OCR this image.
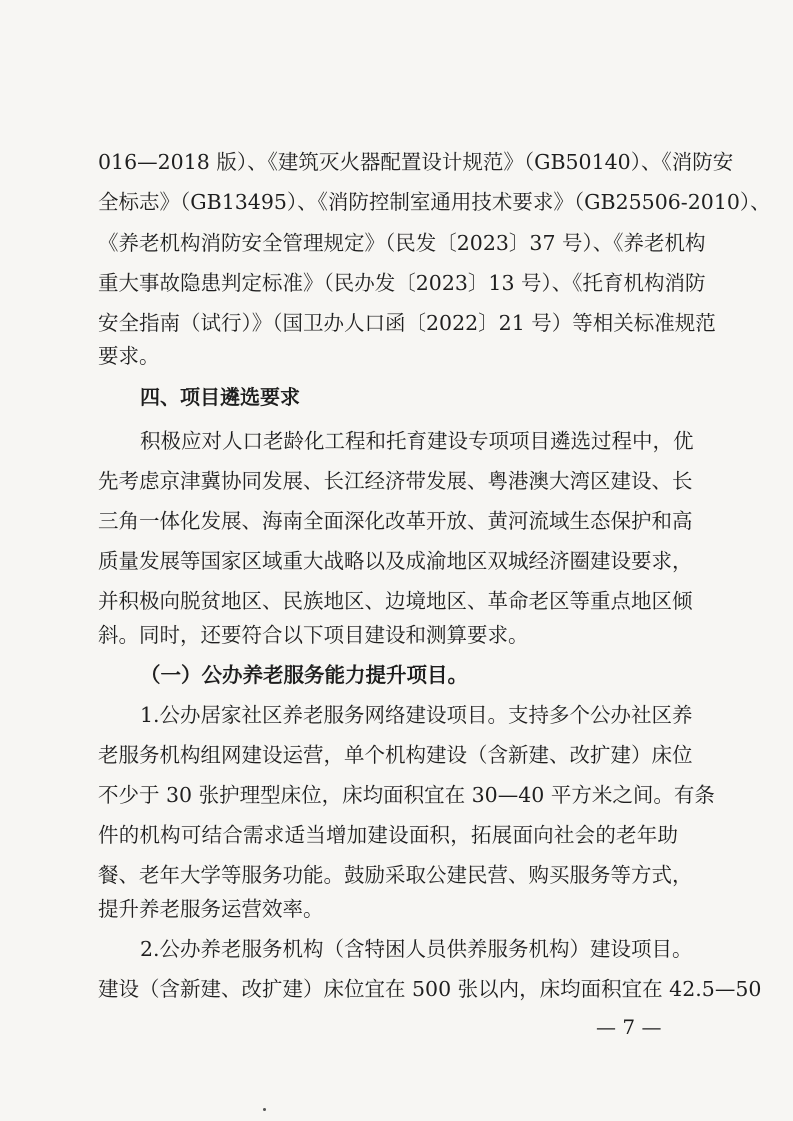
016—2018 版）、《建筑灭火器配置设计规范》（GB50140）、《消防安
全标志》（GB13495）、《消防控制室通用技术要求》（GB25506-2010）、
《养老机构消防安全管理规定》（民发〔2023〕37 号）、《养老机构
重大事故隐患判定标准》（民办发〔2023〕13 号）、《托育机构消防
安全指南（试行）》（国卫办人口函〔2022〕21 号）等相关标准规范
要求。
四、项目遴选要求
积极应对人口老龄化工程和托育建设专项项目遴选过程中，优
先考虑京津冀协同发展、长江经济带发展、粤港澳大湾区建设、长
三角一体化发展、海南全面深化改革开放、黄河流域生态保护和高
质量发展等国家区域重大战略以及成渝地区双城经济圈建设要求，
并积极向脱贫地区、民族地区、边境地区、革命老区等重点地区倾
斜。同时，还要符合以下项目建设和测算要求。
（一）公办养老服务能力提升项目。
1.公办居家社区养老服务网络建设项目。支持多个公办社区养
老服务机构组网建设运营，单个机构建设（含新建、改扩建）床位
不少于 30 张护理型床位，床均面积宜在 30—40 平方米之间。有条
件的机构可结合需求适当增加建设面积，拓展面向社会的老年助
餐、老年大学等服务功能。鼓励采取公建民营、购买服务等方式，
提升养老服务运营效率。
2.公办养老服务机构（含特困人员供养服务机构）建设项目。
建设（含新建、改扩建）床位宜在 500 张以内，床均面积宜在 42.5—50
— 7 —
